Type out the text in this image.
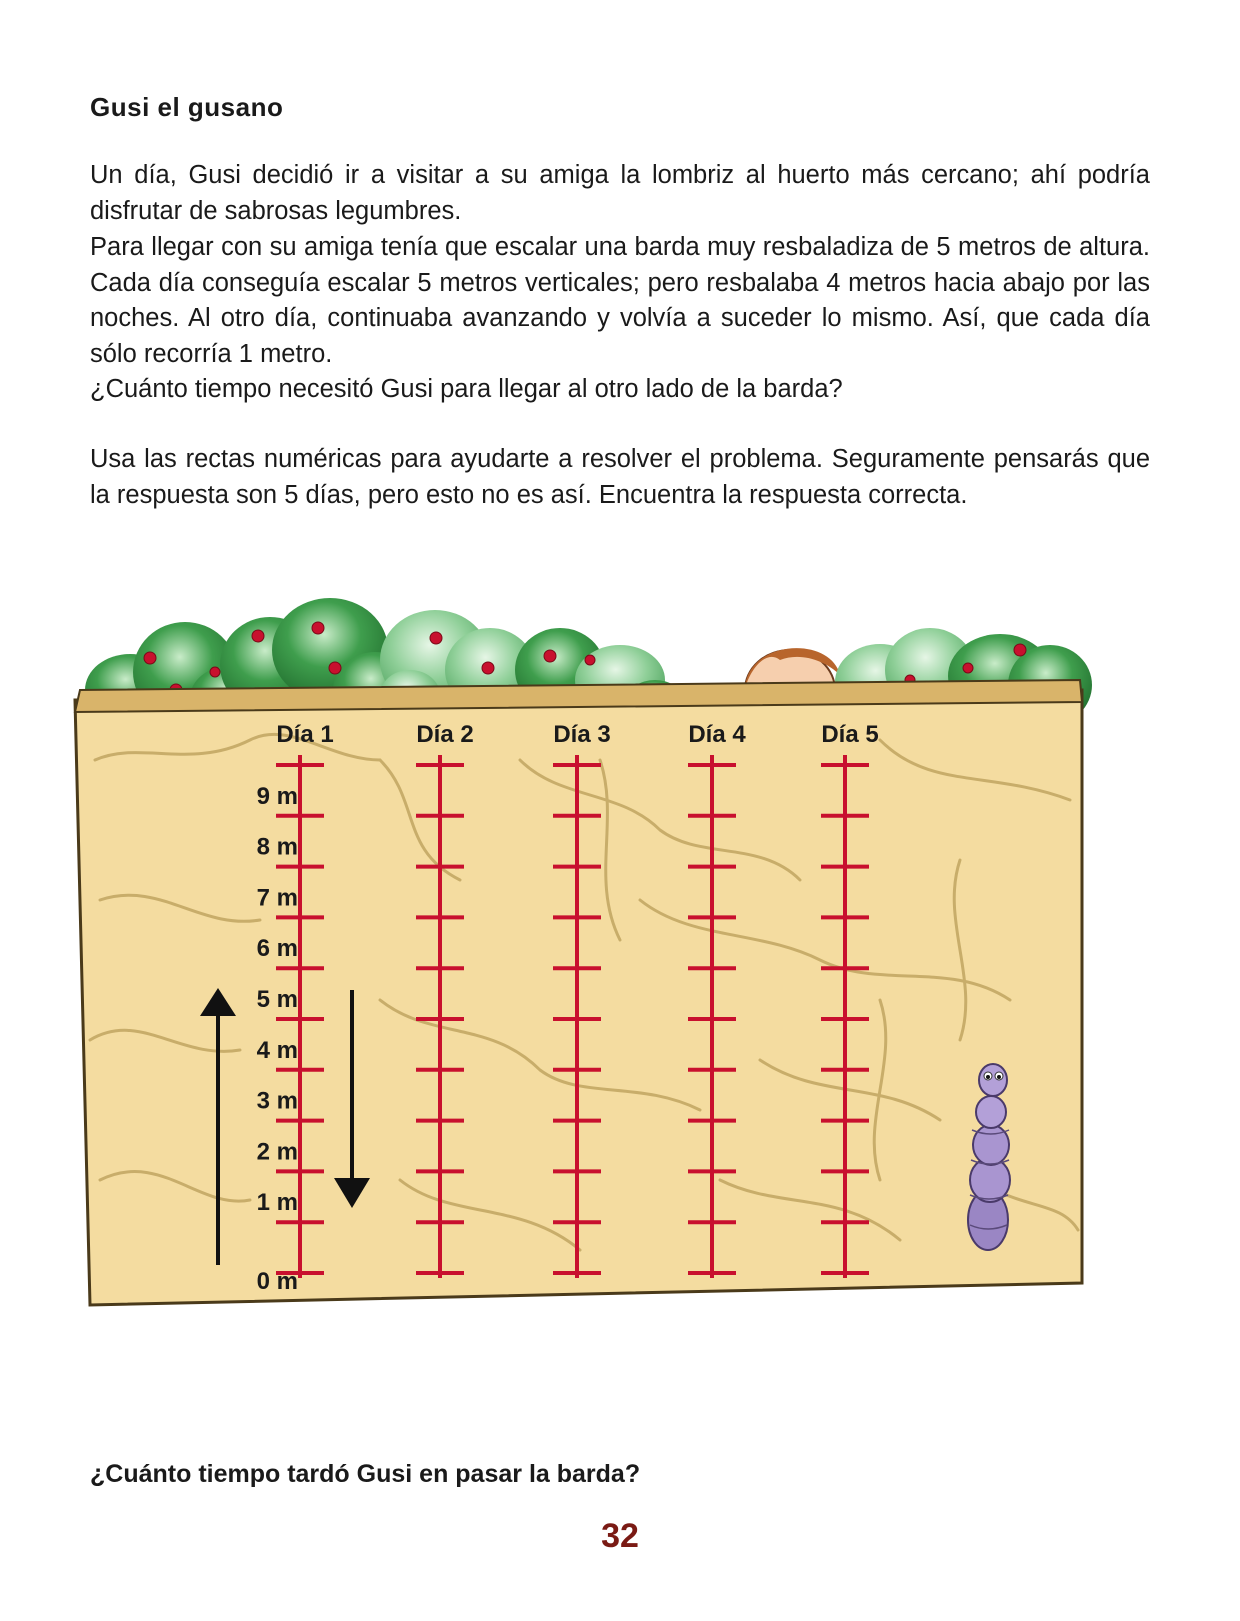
Gusi el gusano

Un día, Gusi decidió ir a visitar a su amiga la lombriz al huerto más cercano; ahí podría disfrutar de sabrosas legumbres.

Para llegar con su amiga tenía que escalar una barda muy resbaladiza de 5 metros de altura. Cada día conseguía escalar 5 metros verticales; pero resbalaba 4 metros hacia abajo por las noches. Al otro día, continuaba avanzando y volvía a suceder lo mismo. Así, que cada día sólo recorría 1 metro.

¿Cuánto tiempo necesitó Gusi para llegar al otro lado de la barda?

Usa las rectas numéricas para ayudarte a resolver el problema. Seguramente pensarás que la respuesta son 5 días, pero esto no es así. Encuentra la respuesta correcta.

Día 1	Día 2	Día 3	Día 4	Día 5
0 m
1 m
2 m
3 m
4 m
5 m
6 m
7 m
8 m
9 m

¿Cuánto tiempo tardó Gusi en pasar la barda?

32
